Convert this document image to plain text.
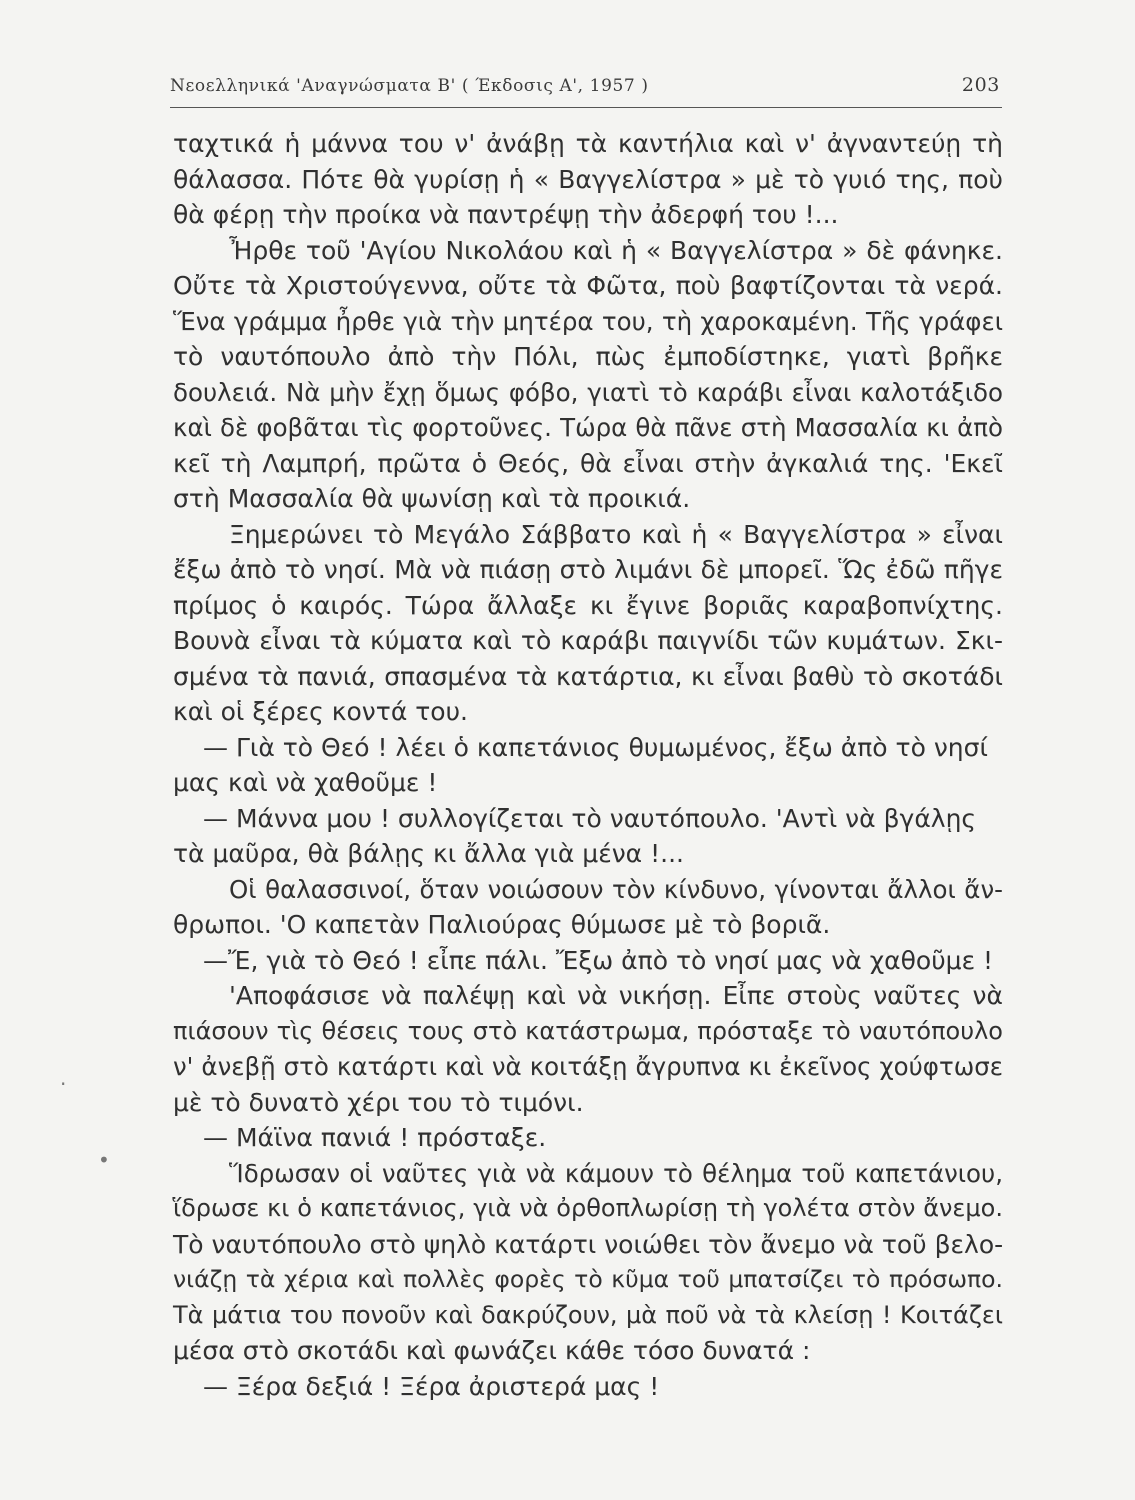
Νεοελληνικά 'Αναγνώσματα Β' ( Έκδοσις Α', 1957 )	203
ταχτικά ἡ μάννα του ν' ἀνάβῃ τὰ καντήλια καὶ ν' ἀγναντεύῃ τὴ
θάλασσα. Πότε θὰ γυρίσῃ ἡ « Βαγγελίστρα » μὲ τὸ γυιό της, ποὺ
θὰ φέρῃ τὴν προίκα νὰ παντρέψῃ τὴν ἀδερφή του !...
Ἦρθε τοῦ 'Αγίου Νικολάου καὶ ἡ « Βαγγελίστρα » δὲ φάνηκε.
Οὔτε τὰ Χριστούγεννα, οὔτε τὰ Φῶτα, ποὺ βαφτίζονται τὰ νερά.
Ἕνα γράμμα ἦρθε γιὰ τὴν μητέρα του, τὴ χαροκαμένη. Τῆς γράφει
τὸ ναυτόπουλο ἀπὸ τὴν Πόλι, πὼς ἐμποδίστηκε, γιατὶ βρῆκε
δουλειά. Νὰ μὴν ἔχῃ ὅμως φόβο, γιατὶ τὸ καράβι εἶναι καλοτάξιδο
καὶ δὲ φοβᾶται τὶς φορτοῦνες. Τώρα θὰ πᾶνε στὴ Μασσαλία κι ἀπὸ
κεῖ τὴ Λαμπρή, πρῶτα ὁ Θεός, θὰ εἶναι στὴν ἀγκαλιά της. 'Εκεῖ
στὴ Μασσαλία θὰ ψωνίσῃ καὶ τὰ προικιά.
Ξημερώνει τὸ Μεγάλο Σάββατο καὶ ἡ « Βαγγελίστρα » εἶναι
ἔξω ἀπὸ τὸ νησί. Μὰ νὰ πιάσῃ στὸ λιμάνι δὲ μπορεῖ. Ὥς ἐδῶ πῆγε
πρίμος ὁ καιρός. Τώρα ἄλλαξε κι ἔγινε βοριᾶς καραβοπνίχτης.
Βουνὰ εἶναι τὰ κύματα καὶ τὸ καράβι παιγνίδι τῶν κυμάτων. Σκι-
σμένα τὰ πανιά, σπασμένα τὰ κατάρτια, κι εἶναι βαθὺ τὸ σκοτάδι
καὶ οἱ ξέρες κοντά του.
— Γιὰ τὸ Θεό ! λέει ὁ καπετάνιος θυμωμένος, ἔξω ἀπὸ τὸ νησί
μας καὶ νὰ χαθοῦμε !
— Μάννα μου ! συλλογίζεται τὸ ναυτόπουλο. 'Αντὶ νὰ βγάλῃς
τὰ μαῦρα, θὰ βάλῃς κι ἄλλα γιὰ μένα !...
Οἱ θαλασσινοί, ὅταν νοιώσουν τὸν κίνδυνο, γίνονται ἄλλοι ἄν-
θρωποι. 'Ο καπετὰν Παλιούρας θύμωσε μὲ τὸ βοριᾶ.
—Ἔ, γιὰ τὸ Θεό ! εἶπε πάλι. Ἔξω ἀπὸ τὸ νησί μας νὰ χαθοῦμε !
'Αποφάσισε νὰ παλέψῃ καὶ νὰ νικήσῃ. Εἶπε στοὺς ναῦτες νὰ
πιάσουν τὶς θέσεις τους στὸ κατάστρωμα, πρόσταξε τὸ ναυτόπουλο
ν' ἀνεβῇ στὸ κατάρτι καὶ νὰ κοιτάξῃ ἄγρυπνα κι ἐκεῖνος χούφτωσε
μὲ τὸ δυνατὸ χέρι του τὸ τιμόνι.
— Μάϊνα πανιά ! πρόσταξε.
Ἵδρωσαν οἱ ναῦτες γιὰ νὰ κάμουν τὸ θέλημα τοῦ καπετάνιου,
ἵδρωσε κι ὁ καπετάνιος, γιὰ νὰ ὀρθοπλωρίσῃ τὴ γολέτα στὸν ἄνεμο.
Τὸ ναυτόπουλο στὸ ψηλὸ κατάρτι νοιώθει τὸν ἄνεμο νὰ τοῦ βελο-
νιάζῃ τὰ χέρια καὶ πολλὲς φορὲς τὸ κῦμα τοῦ μπατσίζει τὸ πρόσωπο.
Τὰ μάτια του πονοῦν καὶ δακρύζουν, μὰ ποῦ νὰ τὰ κλείσῃ ! Κοιτάζει
μέσα στὸ σκοτάδι καὶ φωνάζει κάθε τόσο δυνατά :
— Ξέρα δεξιά ! Ξέρα ἀριστερά μας !
·
•
